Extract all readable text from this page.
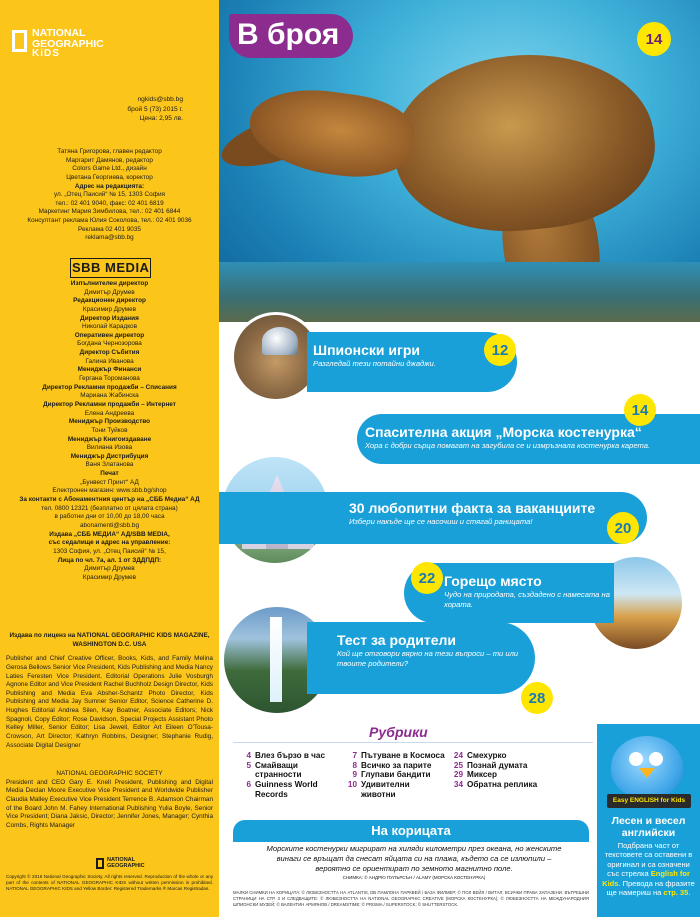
NATIONAL
GEOGRAPHIC
KiDS
ngkids@sbb.bg
брой 5 (73) 2015 г.
Цена: 2,95 лв.

Татяна Григорова, главен редактор

Маргарит Дамянов, редактор

Colors Game Ltd., дизайн

Цветана Георгиева, коректор

Адрес на редакцията:

ул. „Отец Паисий“ № 15, 1303 София

тел.: 02 401 9040, факс: 02 401 6819

Маркетинг Мария Зимбилова, тел.: 02 401 6844

Консултант реклама Юлия Соколова, тел.: 02 401 9036

Реклама 02 401 9035

reklama@sbb.bg

SBB MEDIA

Изпълнителен директор

Димитър Друмев

Редакционен директор

Красимир Друмев

Директор Издания

Николай Карадков

Оперативен директор

Богдана Чернозорова

Директор Събития

Галина Иванова

Мениджър Финанси

Гергана Тороманова

Директор Рекламни продажби – Списания

Мариана Жабинска

Директор Рекламни продажби – Интернет

Елена Андреева

Мениджър Производство

Тони Туйков

Мениджър Книгоиздаване

Вилиана Изова

Мениджър Дистрибуция

Ваня Златанова

Печат

„Бунвест Принт“ АД

Електронен магазин: www.sbb.bg/shop

За контакти с Абонаментния център на „СББ Медиа“ АД

тел. 0800 12321 (безплатно от цялата страна)

в работни дни от 10,00 до 18,00 часа

abonamenti@sbb.bg

Издава „СББ МЕДИА“ АД/SBB MEDIA,

със седалище и адрес на управление:

1303 София, ул. „Отец Паисий“ № 15,

Лица по чл. 7а, ал. 1 от ЗДДПДП:

Димитър Друмев

Красимир Друмев

Издава по лиценз на NATIONAL GEOGRAPHIC KIDS MAGAZINE, WASHINGTON D.C. USA

Publisher and Chief Creative Officer, Books, Kids, and Family Melina Gerosa Bellows Senior Vice President, Kids Publishing and Media Nancy Laties Feresten Vice President, Editorial Operations Julie Vosburgh Agnone Editor and Vice President Rachel Buchholz Design Director, Kids Publishing and Media Eva Absher-Schantz Photo Director, Kids Publishing and Media Jay Sumner Senior Editor, Science Catherine D. Hughes Editorial Andrea Silen, Kay Boatner, Associate Editors; Nick Spagnoli, Copy Editor; Rose Davidson, Special Projects Assistant Photo Kelley Miller, Senior Editor; Lisa Jewell, Editor Art Eileen O'Tousa-Crowson, Art Director; Kathryn Robbins, Designer; Stephanie Rudig, Associate Digital Designer

NATIONAL GEOGRAPHIC SOCIETY

President and CEO Gary E. Knell President, Publishing and Digital Media Declan Moore Executive Vice President and Worldwide Publisher Claudia Malley Executive Vice President Terrence B. Adamson Chairman of the Board John M. Fahey International Publishing Yulia Boyle, Senior Vice President; Diana Jaksic, Director; Jennifer Jones, Manager; Cynthia Combs, Rights Manager

NATIONAL
GEOGRAPHIC
Copyright © 2016 National Geographic Society. All rights reserved. Reproduction of the whole or any part of the contents of NATIONAL GEOGRAPHIC KIDS without written permission is prohibited. NATIONAL GEOGRAPHIC KIDS and Yellow Border: Registered Trademarks ® Marcas Registradas.
В броя	14
Шпионски игри

Разгледай тези потайни джаджи.

12
Спасителна акция „Морска костенурка“

Хора с добри сърца помагат на загубила се и измръзнала костенурка карета.

14
30 любопитни факта за ваканциите

Избери накъде ще се насочиш и стягай раницата!	20
Горещо място

Чудо на природата, създадено с намесата на хората.

22
Тест за родители

Кой ще отговори вярно на тези въпроси – ти или твоите родители?

28
Рубрики
4 Влез бързо в час
5 Смайващи
странности
6 Guinness World
Records
7 Пътуване в Космоса
8 Всичко за парите
9 Глупави бандити
10 Удивителни
животни
24 Смехурко
25 Познай думата
29 Миксер
34 Обратна реплика
На корицата
Морските костенурки мигрират на хиляди километри през океана, но женските винаги се връщат да снесат яйцата си на плажа, където са се излюпили – вероятно се ориентират по земното магнитно поле.
СНИМКА: © АНДРЮ ПУЛЪРСЪН / ALAMY (МОРСКА КОСТЕНУРКА)
МАЛКИ СНИМКИ НА КОРИЦАТА: © ЛЮБЕЗНОСТТА НА ATLANTIS, DB ПАМЛОНА ПАРКВЕЙ / БАЗА ФИЛМЕР; © ПОЛ ВЕЙЛ / ВИТАЛ; ВСИЧКИ ПРАВА ЗАПАЗЕНИ. ВЪТРЕШНИ СТРАНИЦИ НА СТР. 3 И СЛЕДВАЩИТЕ: © ЛЮБЕЗНОСТТА НА NATIONAL GEOGRAPHIC CREATIVE (МОРСКА КОСТЕНУРКА); © ЛЮБЕЗНОСТТА НА МЕЖДУНАРОДНИЯ ШПИОНСКИ МУЗЕЙ; © ВАЛЕНТИН АРМЯНОВ / DREAMSTIME; © PRISMA / SUPERSTOCK; © SHUTTERSTOCK.
Easy ENGLISH for Kids
Лесен и весел английски
Подбрана част от текстовете са оставени в оригинал и са означени със стрелка English for Kids. Превода на фразите ще намериш на стр. 35.
